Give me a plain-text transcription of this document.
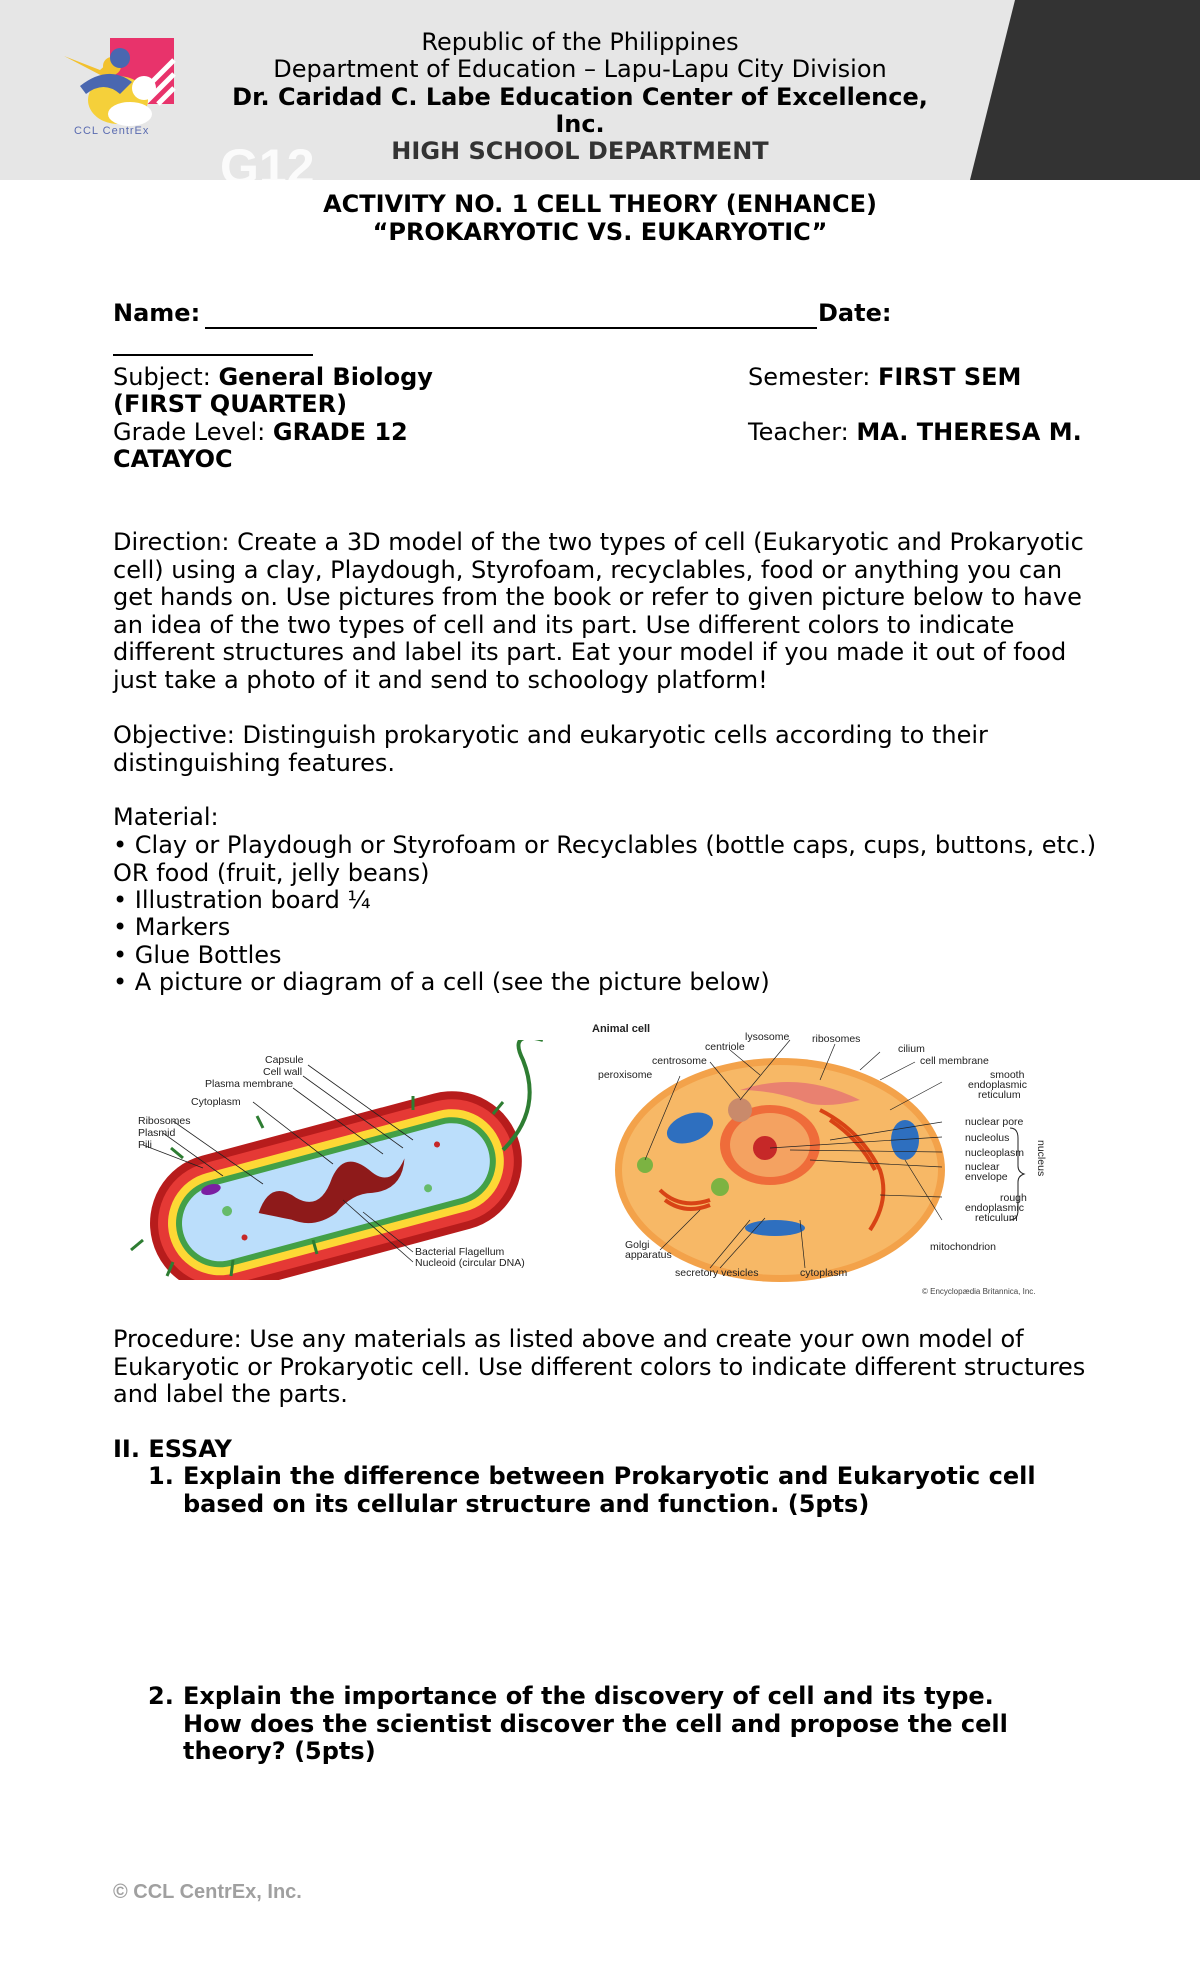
CCL CentrEx
Republic of the Philippines
Department of Education – Lapu-Lapu City Division
Dr. Caridad C. Labe Education Center of Excellence,
Inc.
HIGH SCHOOL DEPARTMENT
G12
ACTIVITY NO. 1 CELL THEORY (ENHANCE)
“PROKARYOTIC VS. EUKARYOTIC”
Name:	Date:
Subject: General Biology
(FIRST QUARTER)
Semester: FIRST SEM
Grade Level: GRADE 12	Teacher: MA. THERESA M.
CATAYOC
Direction: Create a 3D model of the two types of cell (Eukaryotic and Prokaryotic cell) using a clay, Playdough, Styrofoam, recyclables, food or anything you can get hands on. Use pictures from the book or refer to given picture below to have an idea of the two types of cell and its part. Use different colors to indicate different structures and label its part. Eat your model if you made it out of food just take a photo of it and send to schoology platform!
Objective: Distinguish prokaryotic and eukaryotic cells according to their distinguishing features.
Material:
• Clay or Playdough or Styrofoam or Recyclables (bottle caps, cups, buttons, etc.) OR food (fruit, jelly beans)
• Illustration board ¼
• Markers
• Glue Bottles
• A picture or diagram of a cell (see the picture below)
Capsule
Cell wall
Plasma membrane
Cytoplasm
Ribosomes
Plasmid
Pili
Bacterial Flagellum
Nucleoid (circular DNA)
Animal cell
lysosome
centriole
ribosomes
cilium
centrosome	cell membrane
peroxisome	smooth
endoplasmic
reticulum
nuclear pore
nucleolus
nucleoplasm
nuclear
envelope
nucleus
rough
endoplasmic
reticulum
Golgi
apparatus
mitochondrion
secretory vesicles	cytoplasm
© Encyclopædia Britannica, Inc.
Procedure: Use any materials as listed above and create your own model of Eukaryotic or Prokaryotic cell. Use different colors to indicate different structures and label the parts.
II. ESSAY
1. Explain the difference between Prokaryotic and Eukaryotic cell based on its cellular structure and function. (5pts)
2. Explain the importance of the discovery of cell and its type. How does the scientist discover the cell and propose the cell theory? (5pts)
© CCL CentrEx, Inc.
